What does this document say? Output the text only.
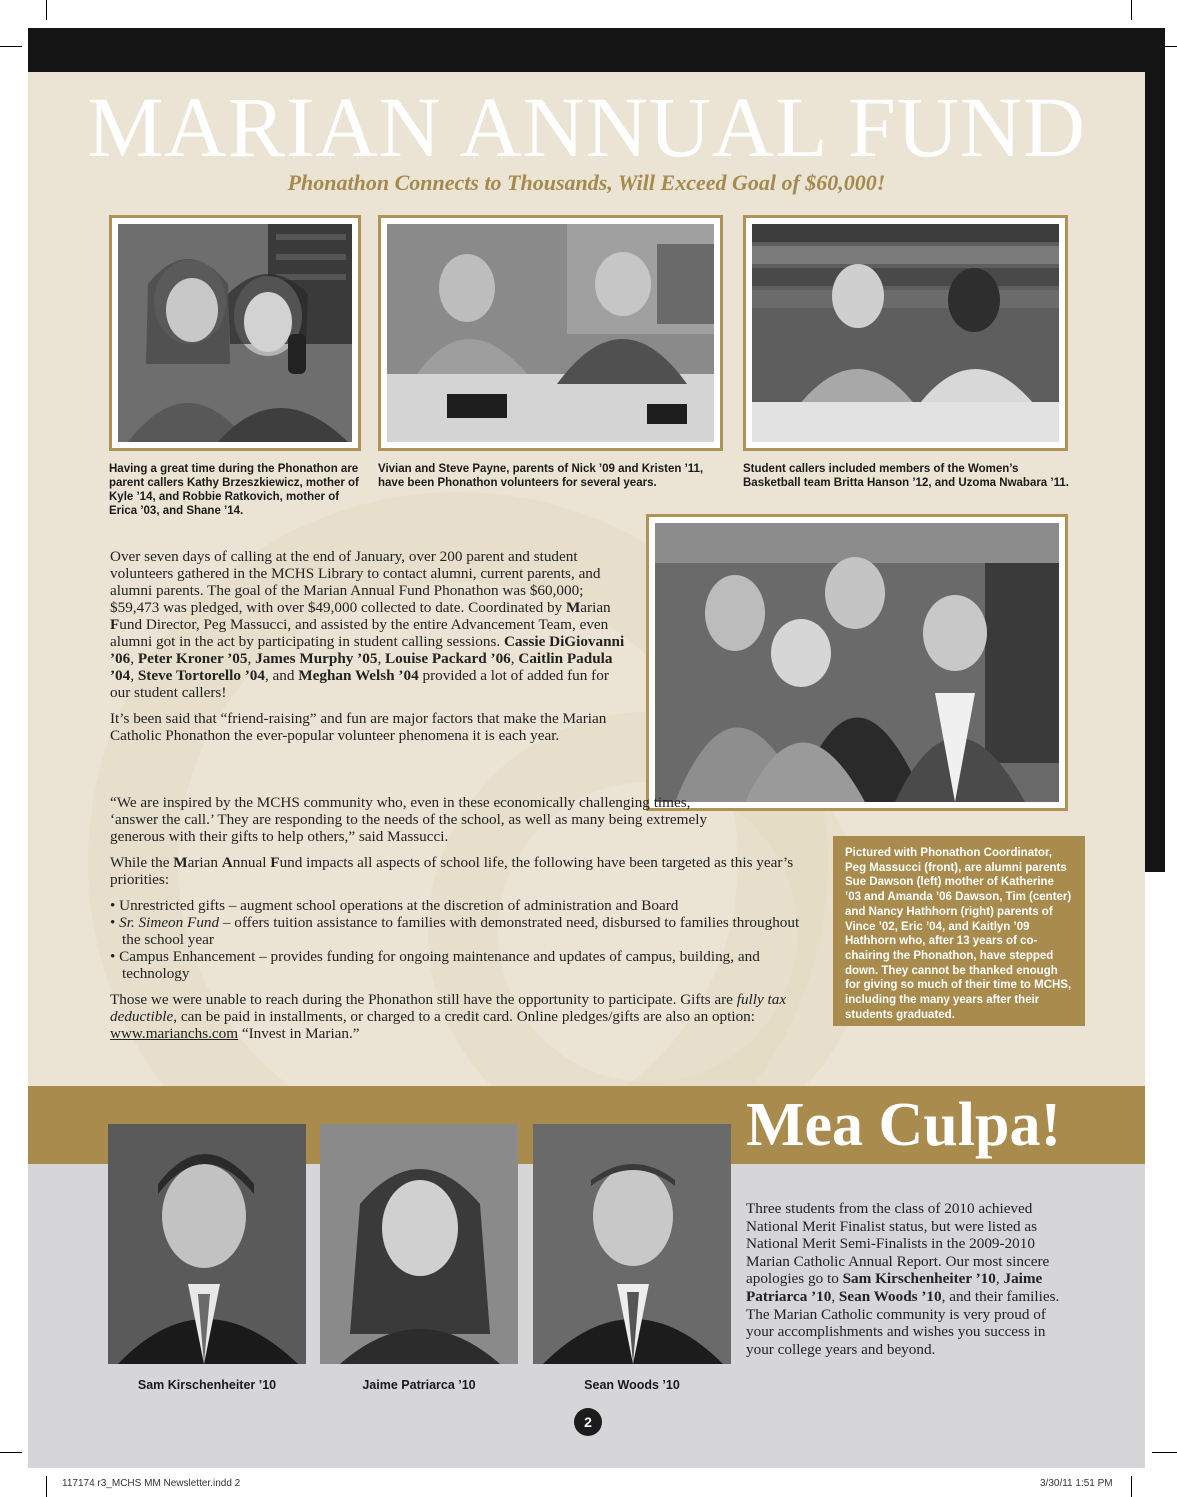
MARIAN ANNUAL FUND
Phonathon Connects to Thousands, Will Exceed Goal of $60,000!
Having a great time during the Phonathon are parent callers Kathy Brzeszkiewicz, mother of Kyle ’14, and Robbie Ratkovich, mother of Erica ’03, and Shane ’14.
Vivian and Steve Payne, parents of Nick ’09 and Kristen ’11, have been Phonathon volunteers for several years.
Student callers included members of the Women’s Basketball team Britta Hanson ’12, and Uzoma Nwabara ’11.

Over seven days of calling at the end of January, over 200 parent and student volunteers gathered in the MCHS Library to contact alumni, current parents, and alumni parents. The goal of the Marian Annual Fund Phonathon was $60,000; $59,473 was pledged, with over $49,000 collected to date. Coordinated by Marian Fund Director, Peg Massucci, and assisted by the entire Advancement Team, even alumni got in the act by participating in student calling sessions. Cassie DiGiovanni ’06, Peter Kroner ’05, James Murphy ’05, Louise Packard ’06, Caitlin Padula ’04, Steve Tortorello ’04, and Meghan Welsh ’04 provided a lot of added fun for our student callers!

It’s been said that “friend-raising” and fun are major factors that make the Marian Catholic Phonathon the ever-popular volunteer phenomena it is each year.

“We are inspired by the MCHS community who, even in these economically challenging times, ‘answer the call.’ They are responding to the needs of the school, as well as many being extremely generous with their gifts to help others,” said Massucci.

While the Marian Annual Fund impacts all aspects of school life, the following have been targeted as this year’s priorities:

• Unrestricted gifts – augment school operations at the discretion of administration and Board
• Sr. Simeon Fund – offers tuition assistance to families with demonstrated need, disbursed to families throughout the school year
• Campus Enhancement – provides funding for ongoing maintenance and updates of campus, building, and technology

Those we were unable to reach during the Phonathon still have the opportunity to participate. Gifts are fully tax deductible, can be paid in installments, or charged to a credit card. Online pledges/gifts are also an option: www.marianchs.com “Invest in Marian.”

Pictured with Phonathon Coordinator, Peg Massucci (front), are alumni parents Sue Dawson (left) mother of Katherine ’03 and Amanda ’06 Dawson, Tim (center) and Nancy Hathhorn (right) parents of Vince ’02, Eric ’04, and Kaitlyn ’09 Hathhorn who, after 13 years of co-chairing the Phonathon, have stepped down. They cannot be thanked enough for giving so much of their time to MCHS, including the many years after their students graduated.
Mea Culpa!
Sam Kirschenheiter ’10	Jaime Patriarca ’10	Sean Woods ’10
Three students from the class of 2010 achieved National Merit Finalist status, but were listed as National Merit Semi-Finalists in the 2009-2010 Marian Catholic Annual Report. Our most sincere apologies go to Sam Kirschenheiter ’10, Jaime Patriarca ’10, Sean Woods ’10, and their families. The Marian Catholic community is very proud of your accomplishments and wishes you success in your college years and beyond.
2
117174 r3_MCHS MM Newsletter.indd 2	3/30/11 1:51 PM
